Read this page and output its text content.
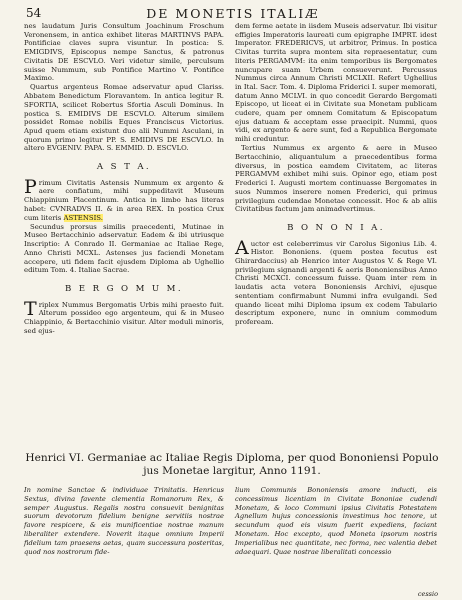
54	DE MONETIS ITALIÆ

nes laudatum Juris Consultum Joachinum Froschum Veronensem, in antica exhibet literas MARTINVS PAPA. Pontificiae claves supra visuntur. In postica: S. EMIGDIVS, Episcopus nempe Sanctus, & patronus Civitatis DE ESCVLO. Veri videtur simile, perculsum suisse Nummum, sub Pontifice Martino V. Pontifice Maximo.

Quartus argenteus Romae adservatur apud Clariss. Abbatem Benedictum Floravantem. In antica legitur R. SFORTIA, scilicet Robertus Sfortia Asculi Dominus. In postica S. EMIDIVS DE ESCVLO. Alterum similem possidet Romae nobilis Eques Franciscus Victorius. Apud quem etiam existunt duo alii Nummi Asculani, in quorum primo legitur PP. S. EMIDIVS DE ESCVLO. In altero EVGENIV. PAPA. S. EMMID. D. ESCVLO.

A S T A.

Primum Civitatis Astensis Nummum ex argento & aere confiatum, mihi suppeditavit Museum Chiappinium Placentinum. Antica in limbo has literas habet: CVNRADVS II. & in area REX. In postica Crux cum literis ASTENSIS.

Secundus prorsus similis praecedenti, Mutinae in Museo Bertacchinio adservatur. Eadem & ibi utriusque Inscriptio: A Conrado II. Germaniae ac Italiae Rege, Anno Christi MCXL. Astenses jus faciendi Monetam accepere, uti fidem facit ejusdem Diploma ab Ughellio editum Tom. 4. Italiae Sacrae.

B E R G O M U M.

Triplex Nummus Bergomatis Urbis mihi praesto fuit. Alterum possideo ego argenteum, qui & in Museo Chiappinio, & Bertacchinio visitur. Alter moduli minoris, sed ejus-

dem ferme aetate in iisdem Museis adservatur. Ibi visitur effigies Imperatoris laureati cum epigraphe IMPRT. idest Imperator. FREDERICVS, ut arbitror, Primus. In postica Civitas turrita supra montem sita repraesentatur, cum literis PERGAMVM: ita enim temporibus iis Bergomates nuncupare suam Urbem consueverunt. Percussus Nummus circa Annum Christi MCLXII. Refert Ughellius in Ital. Sacr. Tom. 4. Diploma Friderici I. super memorati, datum Anno MCLVI. in quo concedit Gerardo Bergomati Episcopo, ut liceat ei in Civitate sua Monetam publicam cudere, quam per omnem Comitatum & Episcopatum ejus datuam & acceptam esse praecipit. Nummi, quos vidi, ex argento & aere sunt, fed a Republica Bergomate mihi creduntur.

Tertius Nummus ex argento & aere in Museo Bertacchinio, aliquantulum a praecedentibus forma diversus, in postica eamdem Civitatem, ac literas PERGAMVM exhibet mihi suis. Opinor ego, etiam post Frederici I. Augusti mortem continuasse Bergomates in suos Nummos inserere nomen Frederici, qui primus privilegium cudendae Monetae concessit. Hoc & ab aliis Civitatibus factum jam animadvertimus.

B O N O N I A.

Auctor est celeberrimus vir Carolus Sigonius Lib. 4. Histor. Bononiens. (quem postea fecutus est Ghirardaccius) ab Henrico inter Augustos V. & Rege VI. privilegium signandi argenti & aeris Bononiensibus Anno Christi MCXCI. concessum fuisse. Quam inter rem in laudatis acta vetera Bononiensis Archivi, ejusque sententiam confirmabunt Nummi infra evulgandi. Sed quando liceat mihi Diploma ipsum ex codem Tabulario descriptum exponere, nunc in omnium commodum profeream.

Henrici VI. Germaniae ac Italiae Regis Diploma, per quod Bononiensi Populo jus Monetae largitur, Anno 1191.

In nomine Sanctae & individuae Trinitatis. Henricus Sextus, divina favente clementia Romanorum Rex, & semper Augustus. Regalis nostra consuevit benignitas suorum devotorum fidelium benigne servitiis nostrae favore respicere, & eis munificentiae nostrae manum liberaliter extendere. Noverit itaque omnium Imperii fidelium tam praesens aetas, quam successura posteritas, quod nos nostrorum fide-

lium Communis Bononiensis amore inducti, eis concessimus licentiam in Civitate Bononiae cudendi Monetam, & loco Communi ipsius Civitatis Potestatem Agnellum hujus concessionis investimus hoc tenore, ut secundum quod eis visum fuerit expediens, faciant Monetam. Hoc excepto, quod Moneta ipsorum nostris Imperialibus nec quantitate, nec forma, nec valentia debet adaequari. Quae nostrae liberalitati concessio

cessio
